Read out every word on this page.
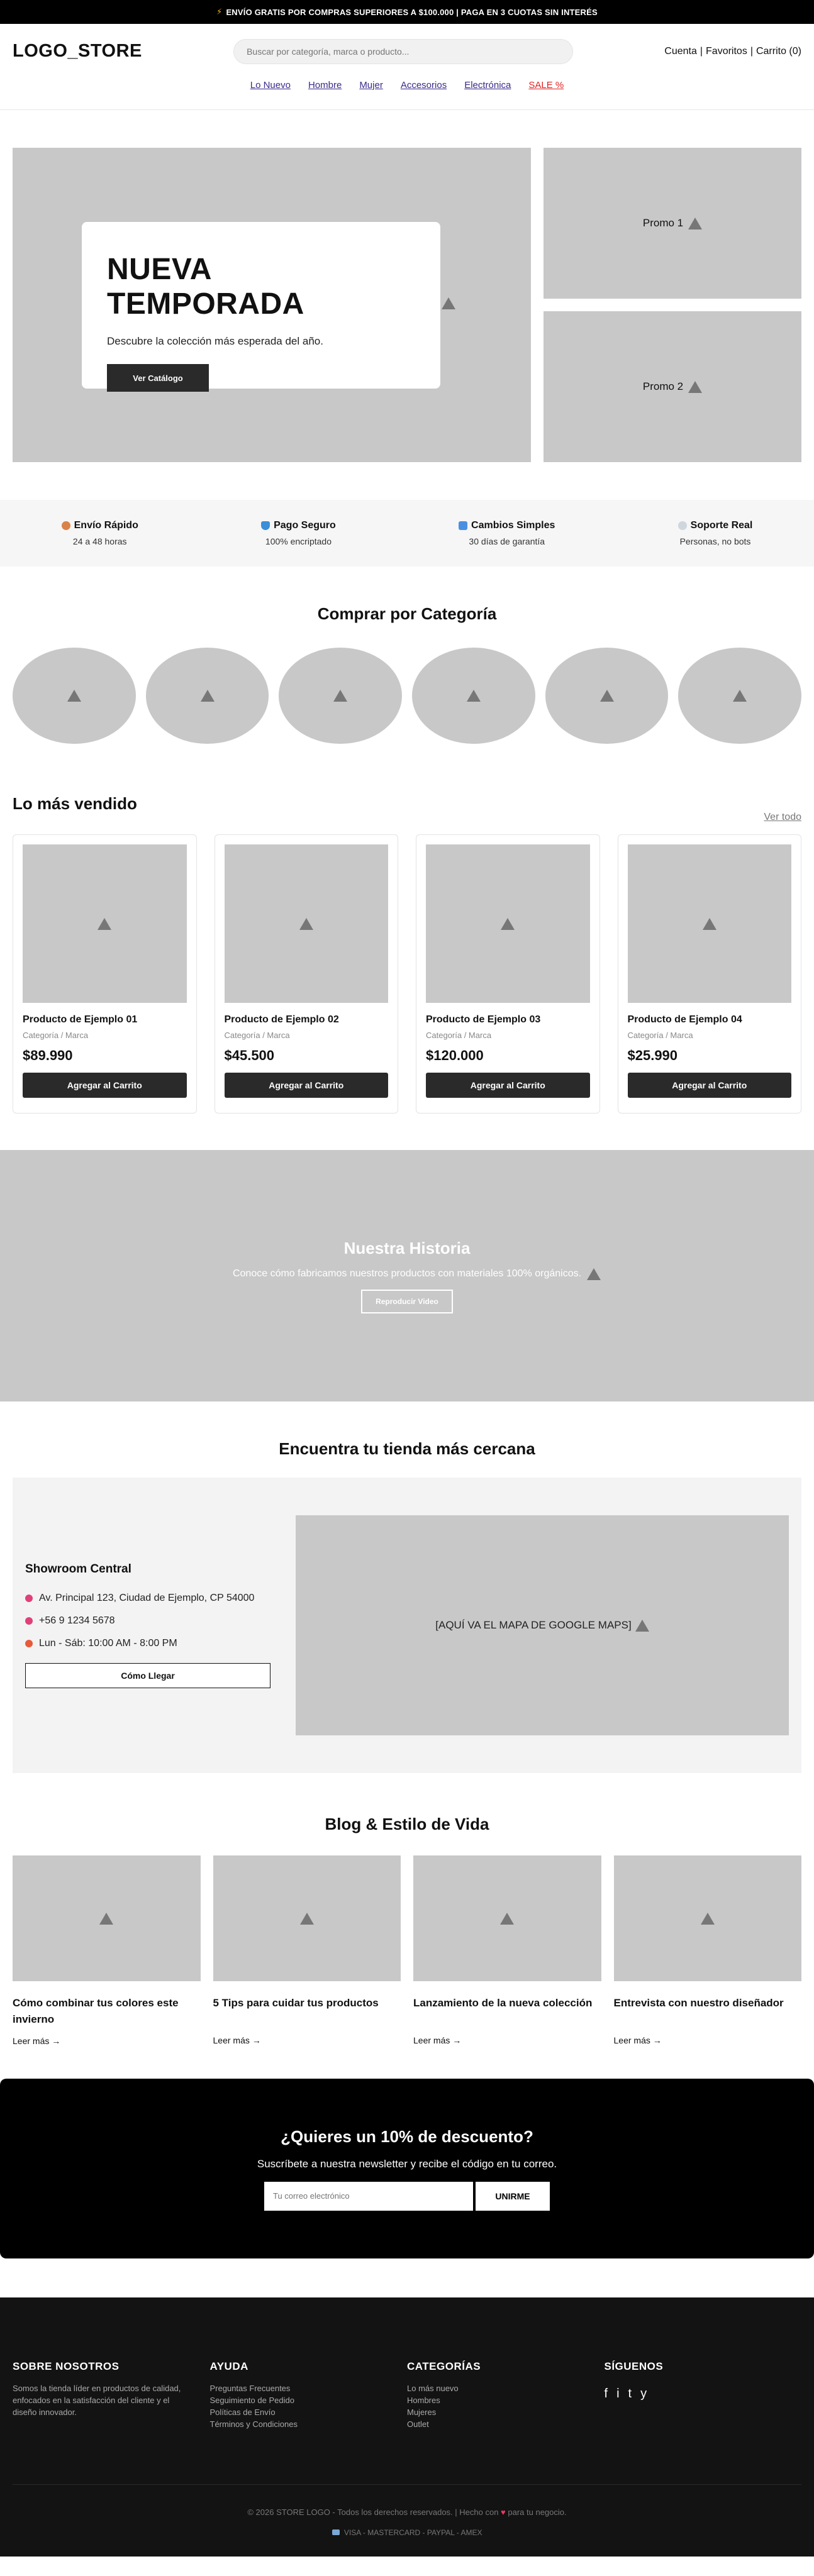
⚡ ENVÍO GRATIS POR COMPRAS SUPERIORES A $100.000 | PAGA EN 3 CUOTAS SIN INTERÉS
LOGO_STORE
Buscar por categoría, marca o producto...	Cuenta | Favoritos | Carrito (0)
Lo Nuevo Hombre Mujer Accesorios Electrónica SALE %
NUEVA TEMPORADA

Descubre la colección más esperada del año.

Ver Catálogo
Promo 1
Promo 2
Envío Rápido
24 a 48 horas
Pago Seguro
100% encriptado
Cambios Simples
30 días de garantía
Soporte Real
Personas, no bots
Comprar por Categoría
Lo más vendido
Ver todo
Producto de Ejemplo 01
Categoría / Marca
$89.990
Agregar al Carrito
Producto de Ejemplo 02
Categoría / Marca
$45.500
Agregar al Carrito
Producto de Ejemplo 03
Categoría / Marca
$120.000
Agregar al Carrito
Producto de Ejemplo 04
Categoría / Marca
$25.990
Agregar al Carrito
Nuestra Historia

Conoce cómo fabricamos nuestros productos con materiales 100% orgánicos.

Reproducir Video
Encuentra tu tienda más cercana
Showroom Central
Av. Principal 123, Ciudad de Ejemplo, CP 54000
+56 9 1234 5678
Lun - Sáb: 10:00 AM - 8:00 PM
Cómo Llegar
[AQUÍ VA EL MAPA DE GOOGLE MAPS]
Blog & Estilo de Vida
Cómo combinar tus colores este invierno
Leer más →
5 Tips para cuidar tus productos
Leer más →
Lanzamiento de la nueva colección
Leer más →
Entrevista con nuestro diseñador
Leer más →
¿Quieres un 10% de descuento?

Suscríbete a nuestra newsletter y recibe el código en tu correo.

Tu correo electrónico
UNIRME
SOBRE NOSOTROS

Somos la tienda líder en productos de calidad, enfocados en la satisfacción del cliente y el diseño innovador.

AYUDA
Preguntas Frecuentes
Seguimiento de Pedido
Políticas de Envío
Términos y Condiciones
CATEGORÍAS
Lo más nuevo
Hombres
Mujeres
Outlet
SÍGUENOS
f i t y
© 2026 STORE LOGO - Todos los derechos reservados. | Hecho con ♥ para tu negocio.
VISA - MASTERCARD - PAYPAL - AMEX
